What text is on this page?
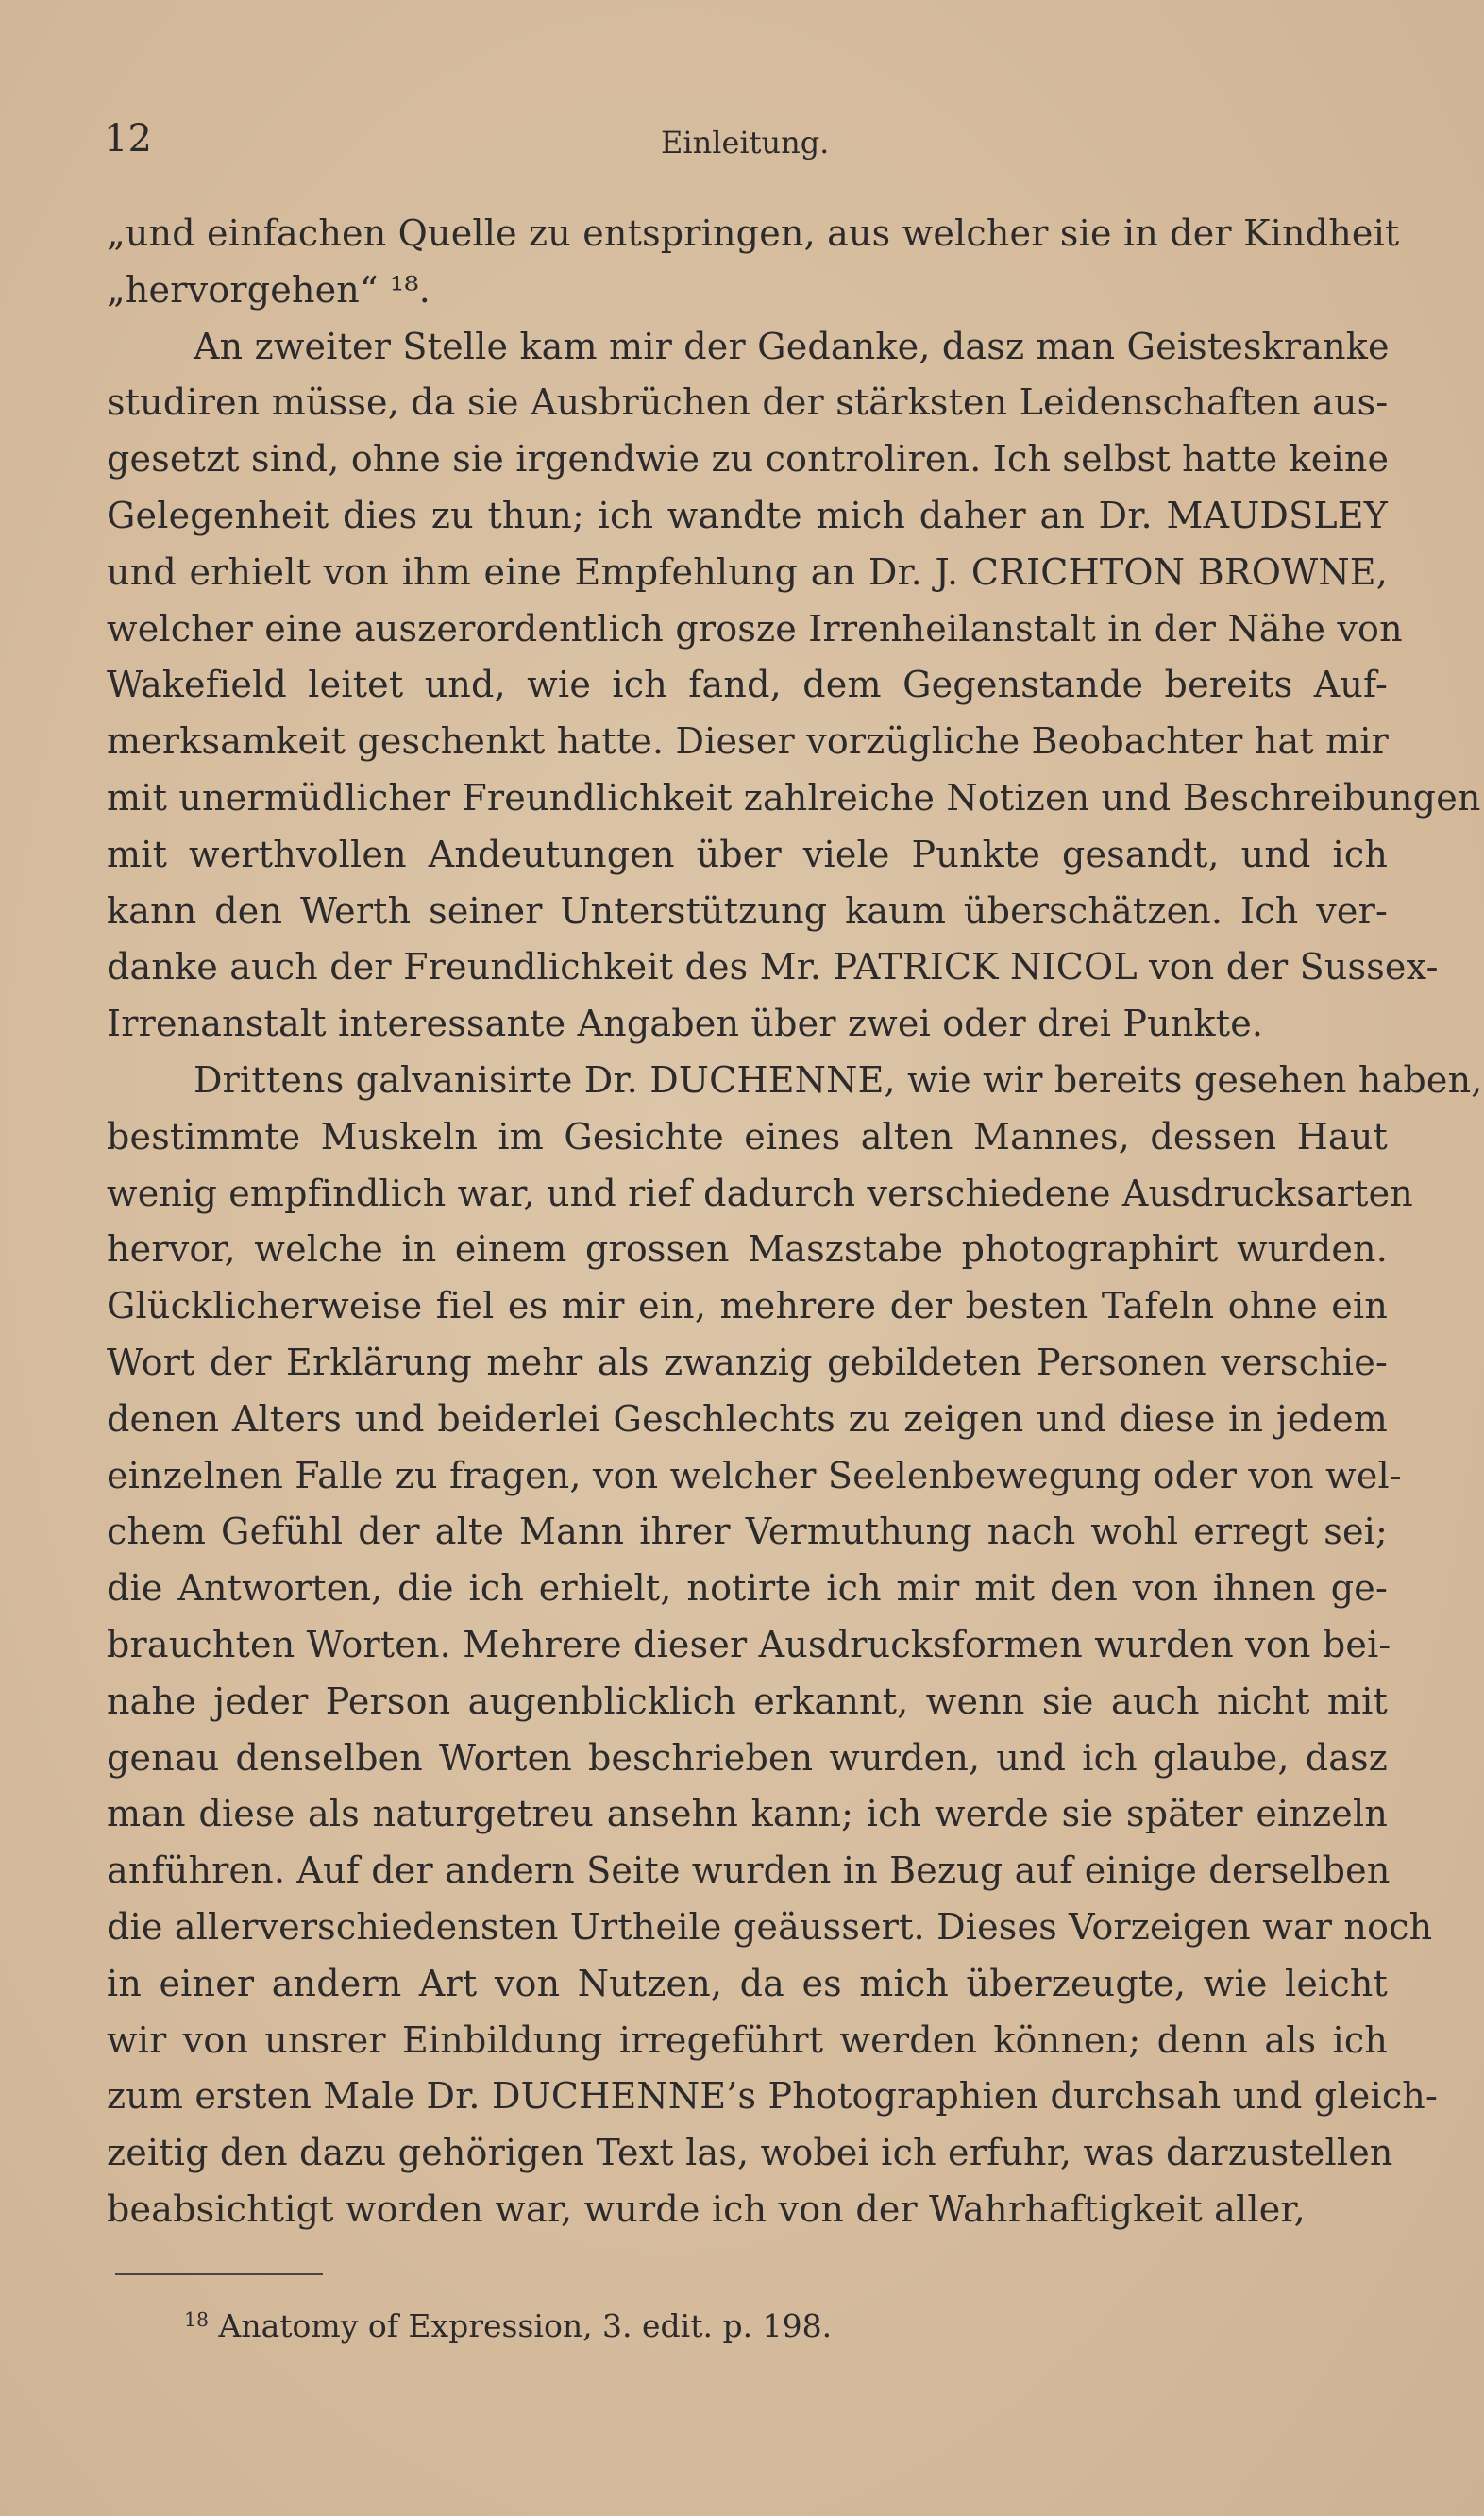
12	Einleitung.
„und einfachen Quelle zu entspringen, aus welcher sie in der Kindheit
„hervorgehen“ ¹⁸.
An zweiter Stelle kam mir der Gedanke, dasz man Geisteskranke
studiren müsse, da sie Ausbrüchen der stärksten Leidenschaften aus-
gesetzt sind, ohne sie irgendwie zu controliren. Ich selbst hatte keine
Gelegenheit dies zu thun; ich wandte mich daher an Dr. MAUDSLEY
und erhielt von ihm eine Empfehlung an Dr. J. CRICHTON BROWNE,
welcher eine auszerordentlich grosze Irrenheilanstalt in der Nähe von
Wakefield leitet und, wie ich fand, dem Gegenstande bereits Auf-
merksamkeit geschenkt hatte. Dieser vorzügliche Beobachter hat mir
mit unermüdlicher Freundlichkeit zahlreiche Notizen und Beschreibungen
mit werthvollen Andeutungen über viele Punkte gesandt, und ich
kann den Werth seiner Unterstützung kaum überschätzen. Ich ver-
danke auch der Freundlichkeit des Mr. PATRICK NICOL von der Sussex-
Irrenanstalt interessante Angaben über zwei oder drei Punkte.
Drittens galvanisirte Dr. DUCHENNE, wie wir bereits gesehen haben,
bestimmte Muskeln im Gesichte eines alten Mannes, dessen Haut
wenig empfindlich war, und rief dadurch verschiedene Ausdrucksarten
hervor, welche in einem grossen Maszstabe photographirt wurden.
Glücklicherweise fiel es mir ein, mehrere der besten Tafeln ohne ein
Wort der Erklärung mehr als zwanzig gebildeten Personen verschie-
denen Alters und beiderlei Geschlechts zu zeigen und diese in jedem
einzelnen Falle zu fragen, von welcher Seelenbewegung oder von wel-
chem Gefühl der alte Mann ihrer Vermuthung nach wohl erregt sei;
die Antworten, die ich erhielt, notirte ich mir mit den von ihnen ge-
brauchten Worten. Mehrere dieser Ausdrucksformen wurden von bei-
nahe jeder Person augenblicklich erkannt, wenn sie auch nicht mit
genau denselben Worten beschrieben wurden, und ich glaube, dasz
man diese als naturgetreu ansehn kann; ich werde sie später einzeln
anführen. Auf der andern Seite wurden in Bezug auf einige derselben
die allerverschiedensten Urtheile geäussert. Dieses Vorzeigen war noch
in einer andern Art von Nutzen, da es mich überzeugte, wie leicht
wir von unsrer Einbildung irregeführt werden können; denn als ich
zum ersten Male Dr. DUCHENNE’s Photographien durchsah und gleich-
zeitig den dazu gehörigen Text las, wobei ich erfuhr, was darzustellen
beabsichtigt worden war, wurde ich von der Wahrhaftigkeit aller,
$^{18}$ Anatomy of Expression, 3. edit. p. 198.
